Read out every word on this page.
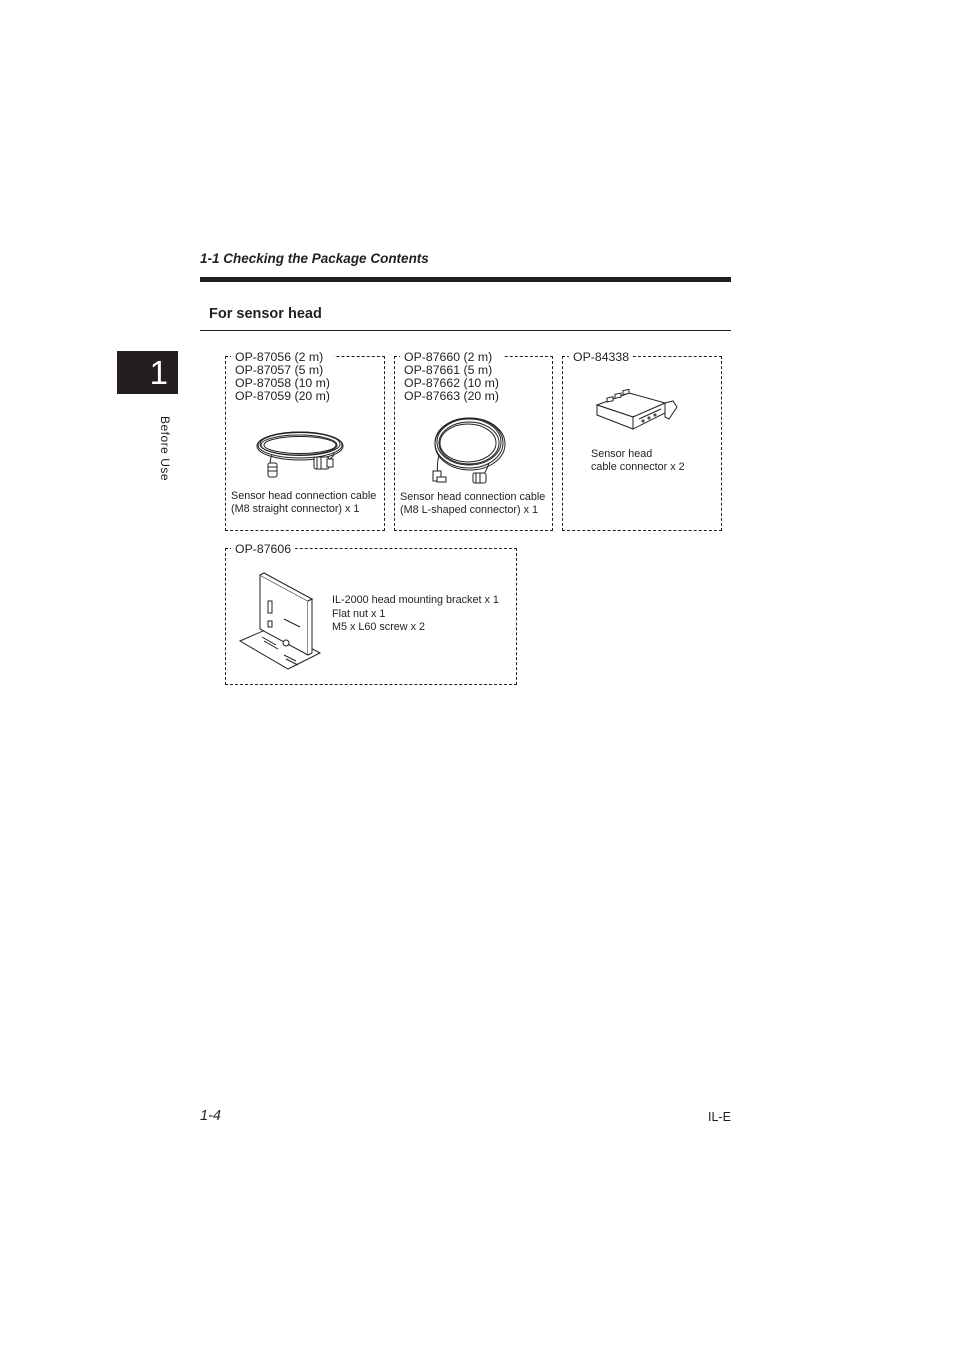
1-1 Checking the Package Contents
For sensor head
1
Before Use
OP-87056 (2 m)
OP-87057 (5 m)
OP-87058 (10 m)
OP-87059 (20 m)
Sensor head connection cable
(M8 straight connector) x 1
OP-87660 (2 m)
OP-87661 (5 m)
OP-87662 (10 m)
OP-87663 (20 m)
Sensor head connection cable
(M8 L-shaped connector) x 1
OP-84338
Sensor head
cable connector x 2
OP-87606
IL-2000 head mounting bracket x 1
Flat nut x 1
M5 x L60 screw x 2
1-4	IL-E
